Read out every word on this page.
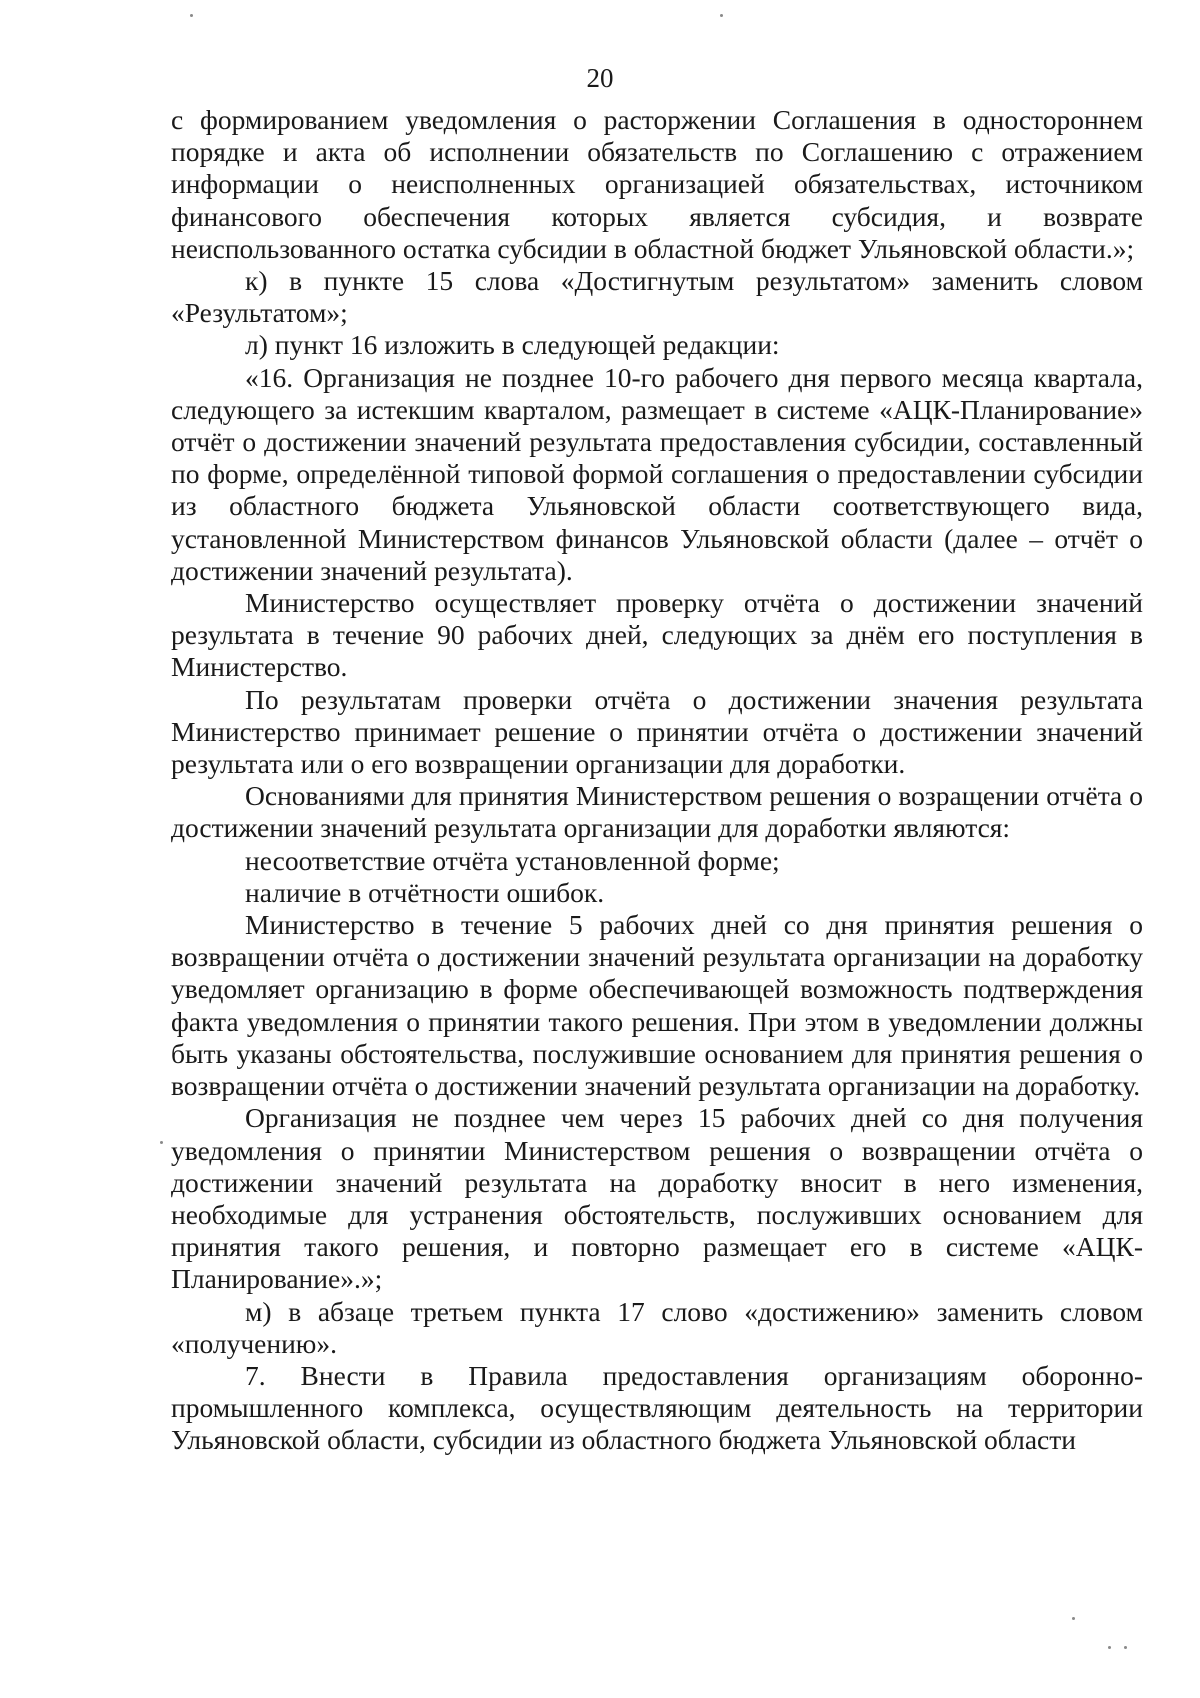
20

с формированием уведомления о расторжении Соглашения в одностороннем порядке и акта об исполнении обязательств по Соглашению с отражением информации о неисполненных организацией обязательствах, источником финансового обеспечения которых является субсидия, и возврате неиспользованного остатка субсидии в областной бюджет Ульяновской области.»;

к) в пункте 15 слова «Достигнутым результатом» заменить словом «Результатом»;

л) пункт 16 изложить в следующей редакции:

«16. Организация не позднее 10-го рабочего дня первого месяца квартала, следующего за истекшим кварталом, размещает в системе «АЦК-Планирование» отчёт о достижении значений результата предоставления субсидии, составленный по форме, определённой типовой формой соглашения о предоставлении субсидии из областного бюджета Ульяновской области соответствующего вида, установленной Министерством финансов Ульяновской области (далее – отчёт о достижении значений результата).

Министерство осуществляет проверку отчёта о достижении значений результата в течение 90 рабочих дней, следующих за днём его поступления в Министерство.

По результатам проверки отчёта о достижении значения результата Министерство принимает решение о принятии отчёта о достижении значений результата или о его возвращении организации для доработки.

Основаниями для принятия Министерством решения о возращении отчёта о достижении значений результата организации для доработки являются:

несоответствие отчёта установленной форме;

наличие в отчётности ошибок.

Министерство в течение 5 рабочих дней со дня принятия решения о возвращении отчёта о достижении значений результата организации на доработку уведомляет организацию в форме обеспечивающей возможность подтверждения факта уведомления о принятии такого решения. При этом в уведомлении должны быть указаны обстоятельства, послужившие основанием для принятия решения о возвращении отчёта о достижении значений результата организации на доработку.

Организация не позднее чем через 15 рабочих дней со дня получения уведомления о принятии Министерством решения о возвращении отчёта о достижении значений результата на доработку вносит в него изменения, необходимые для устранения обстоятельств, послуживших основанием для принятия такого решения, и повторно размещает его в системе «АЦК-Планирование».»;

м) в абзаце третьем пункта 17 слово «достижению» заменить словом «получению».

7. Внести в Правила предоставления организациям оборонно-промышленного комплекса, осуществляющим деятельность на территории Ульяновской области, субсидии из областного бюджета Ульяновской области
